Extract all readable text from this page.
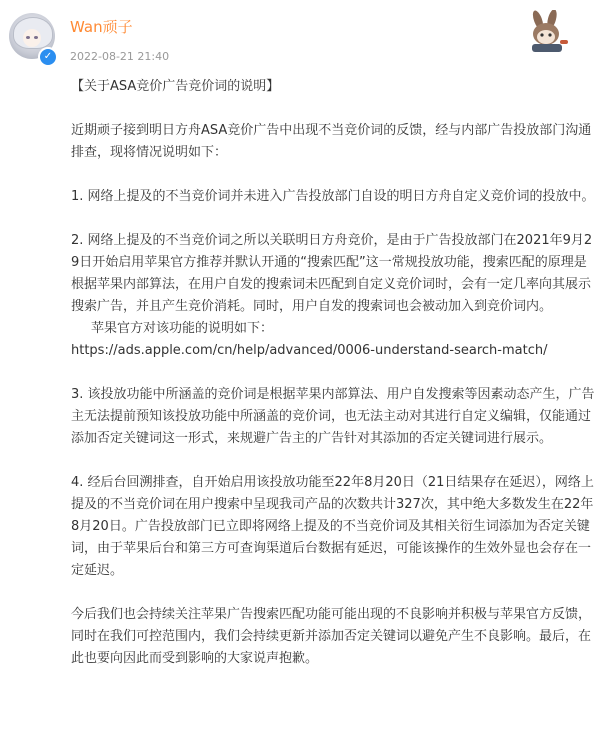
✓
Wan顽子
2022-08-21 21:40

【关于ASA竞价广告竞价词的说明】

近期顽子接到明日方舟ASA竞价广告中出现不当竞价词的反馈，经与内部广告投放部门沟通排查，现将情况说明如下：

1. 网络上提及的不当竞价词并未进入广告投放部门自设的明日方舟自定义竞价词的投放中。

2. 网络上提及的不当竞价词之所以关联明日方舟竞价，是由于广告投放部门在2021年9月29日开始启用苹果官方推荐并默认开通的“搜索匹配”这一常规投放功能，搜索匹配的原理是根据苹果内部算法，在用户自发的搜索词未匹配到自定义竞价词时，会有一定几率向其展示搜索广告，并且产生竞价消耗。同时，用户自发的搜索词也会被动加入到竞价词内。

苹果官方对该功能的说明如下：

https://ads.apple.com/cn/help/advanced/0006-understand-search-match/

3. 该投放功能中所涵盖的竞价词是根据苹果内部算法、用户自发搜索等因素动态产生，广告主无法提前预知该投放功能中所涵盖的竞价词，也无法主动对其进行自定义编辑，仅能通过添加否定关键词这一形式，来规避广告主的广告针对其添加的否定关键词进行展示。

4. 经后台回溯排查，自开始启用该投放功能至22年8月20日（21日结果存在延迟），网络上提及的不当竞价词在用户搜索中呈现我司产品的次数共计327次，其中绝大多数发生在22年8月20日。广告投放部门已立即将网络上提及的不当竞价词及其相关衍生词添加为否定关键词，由于苹果后台和第三方可查询渠道后台数据有延迟，可能该操作的生效外显也会存在一定延迟。

今后我们也会持续关注苹果广告搜索匹配功能可能出现的不良影响并积极与苹果官方反馈，同时在我们可控范围内，我们会持续更新并添加否定关键词以避免产生不良影响。最后，在此也要向因此而受到影响的大家说声抱歉。
